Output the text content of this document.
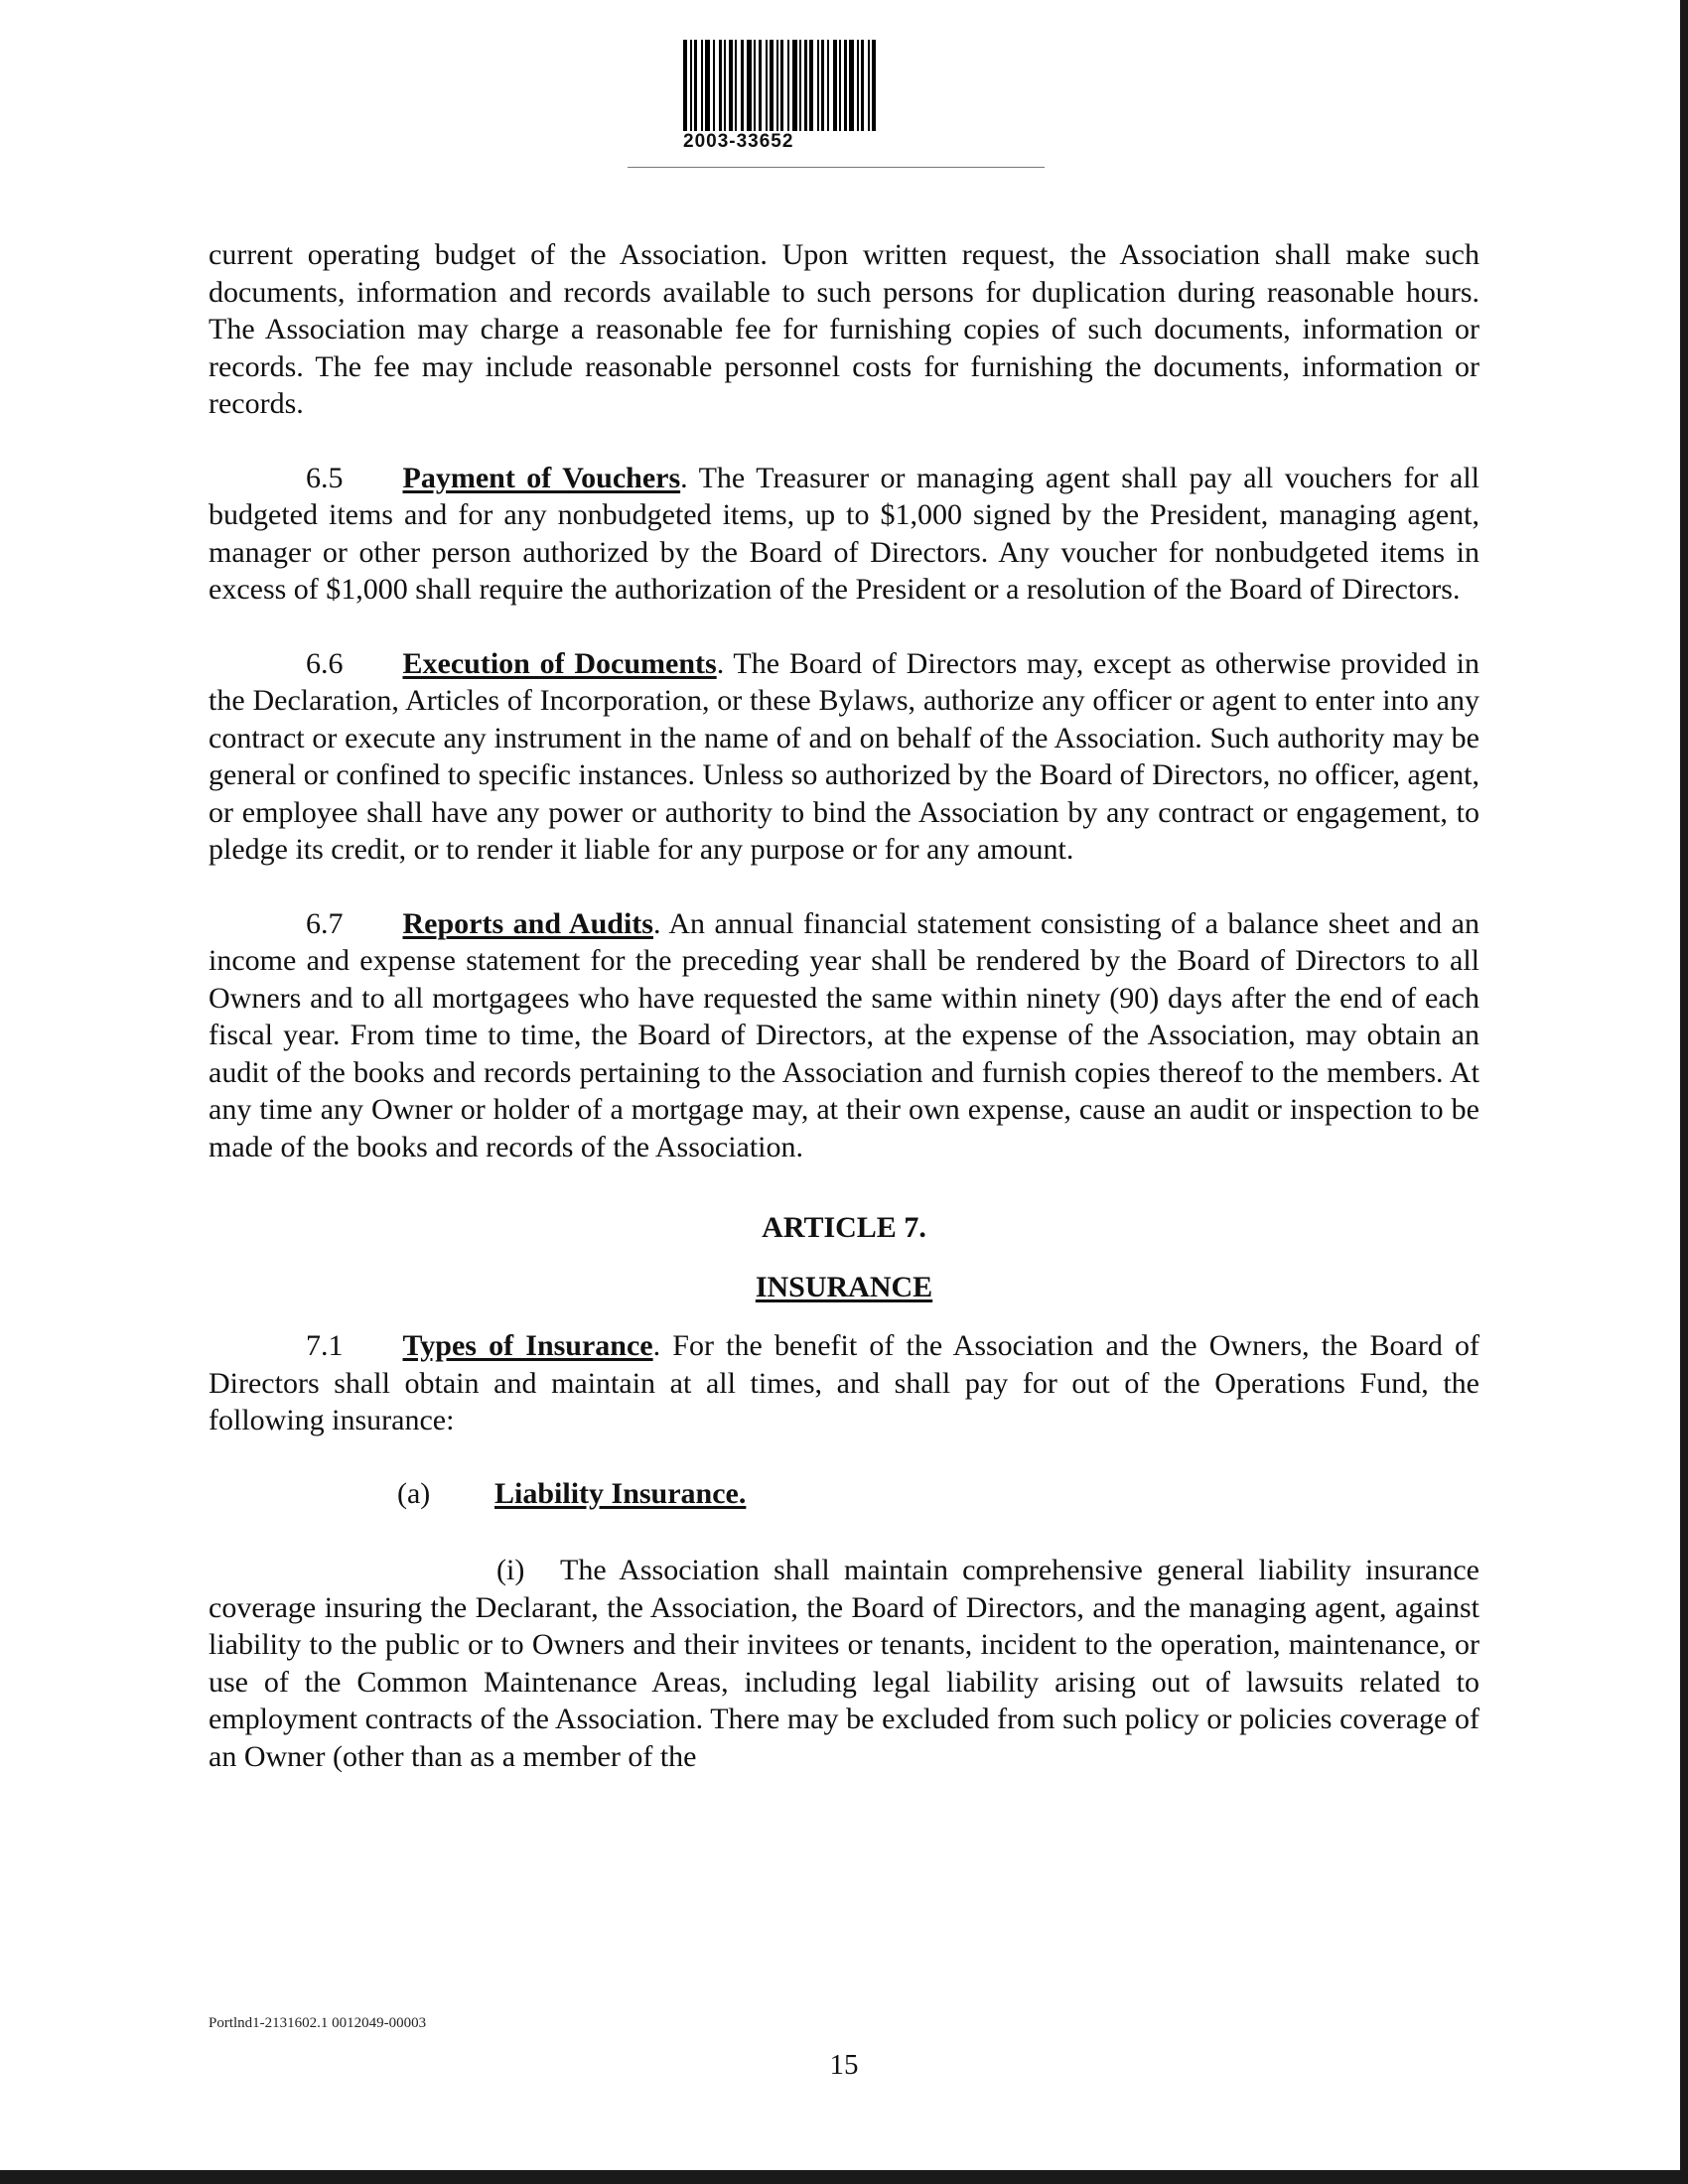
2003-33652

current operating budget of the Association. Upon written request, the Association shall make such documents, information and records available to such persons for duplication during reasonable hours. The Association may charge a reasonable fee for furnishing copies of such documents, information or records. The fee may include reasonable personnel costs for furnishing the documents, information or records.

6.5 Payment of Vouchers. The Treasurer or managing agent shall pay all vouchers for all budgeted items and for any nonbudgeted items, up to $1,000 signed by the President, managing agent, manager or other person authorized by the Board of Directors. Any voucher for nonbudgeted items in excess of $1,000 shall require the authorization of the President or a resolution of the Board of Directors.

6.6 Execution of Documents. The Board of Directors may, except as otherwise provided in the Declaration, Articles of Incorporation, or these Bylaws, authorize any officer or agent to enter into any contract or execute any instrument in the name of and on behalf of the Association. Such authority may be general or confined to specific instances. Unless so authorized by the Board of Directors, no officer, agent, or employee shall have any power or authority to bind the Association by any contract or engagement, to pledge its credit, or to render it liable for any purpose or for any amount.

6.7 Reports and Audits. An annual financial statement consisting of a balance sheet and an income and expense statement for the preceding year shall be rendered by the Board of Directors to all Owners and to all mortgagees who have requested the same within ninety (90) days after the end of each fiscal year. From time to time, the Board of Directors, at the expense of the Association, may obtain an audit of the books and records pertaining to the Association and furnish copies thereof to the members. At any time any Owner or holder of a mortgage may, at their own expense, cause an audit or inspection to be made of the books and records of the Association.

ARTICLE 7.

INSURANCE

7.1 Types of Insurance. For the benefit of the Association and the Owners, the Board of Directors shall obtain and maintain at all times, and shall pay for out of the Operations Fund, the following insurance:

(a) Liability Insurance.

(i) The Association shall maintain comprehensive general liability insurance coverage insuring the Declarant, the Association, the Board of Directors, and the managing agent, against liability to the public or to Owners and their invitees or tenants, incident to the operation, maintenance, or use of the Common Maintenance Areas, including legal liability arising out of lawsuits related to employment contracts of the Association. There may be excluded from such policy or policies coverage of an Owner (other than as a member of the

Portlnd1-2131602.1 0012049-00003
15
